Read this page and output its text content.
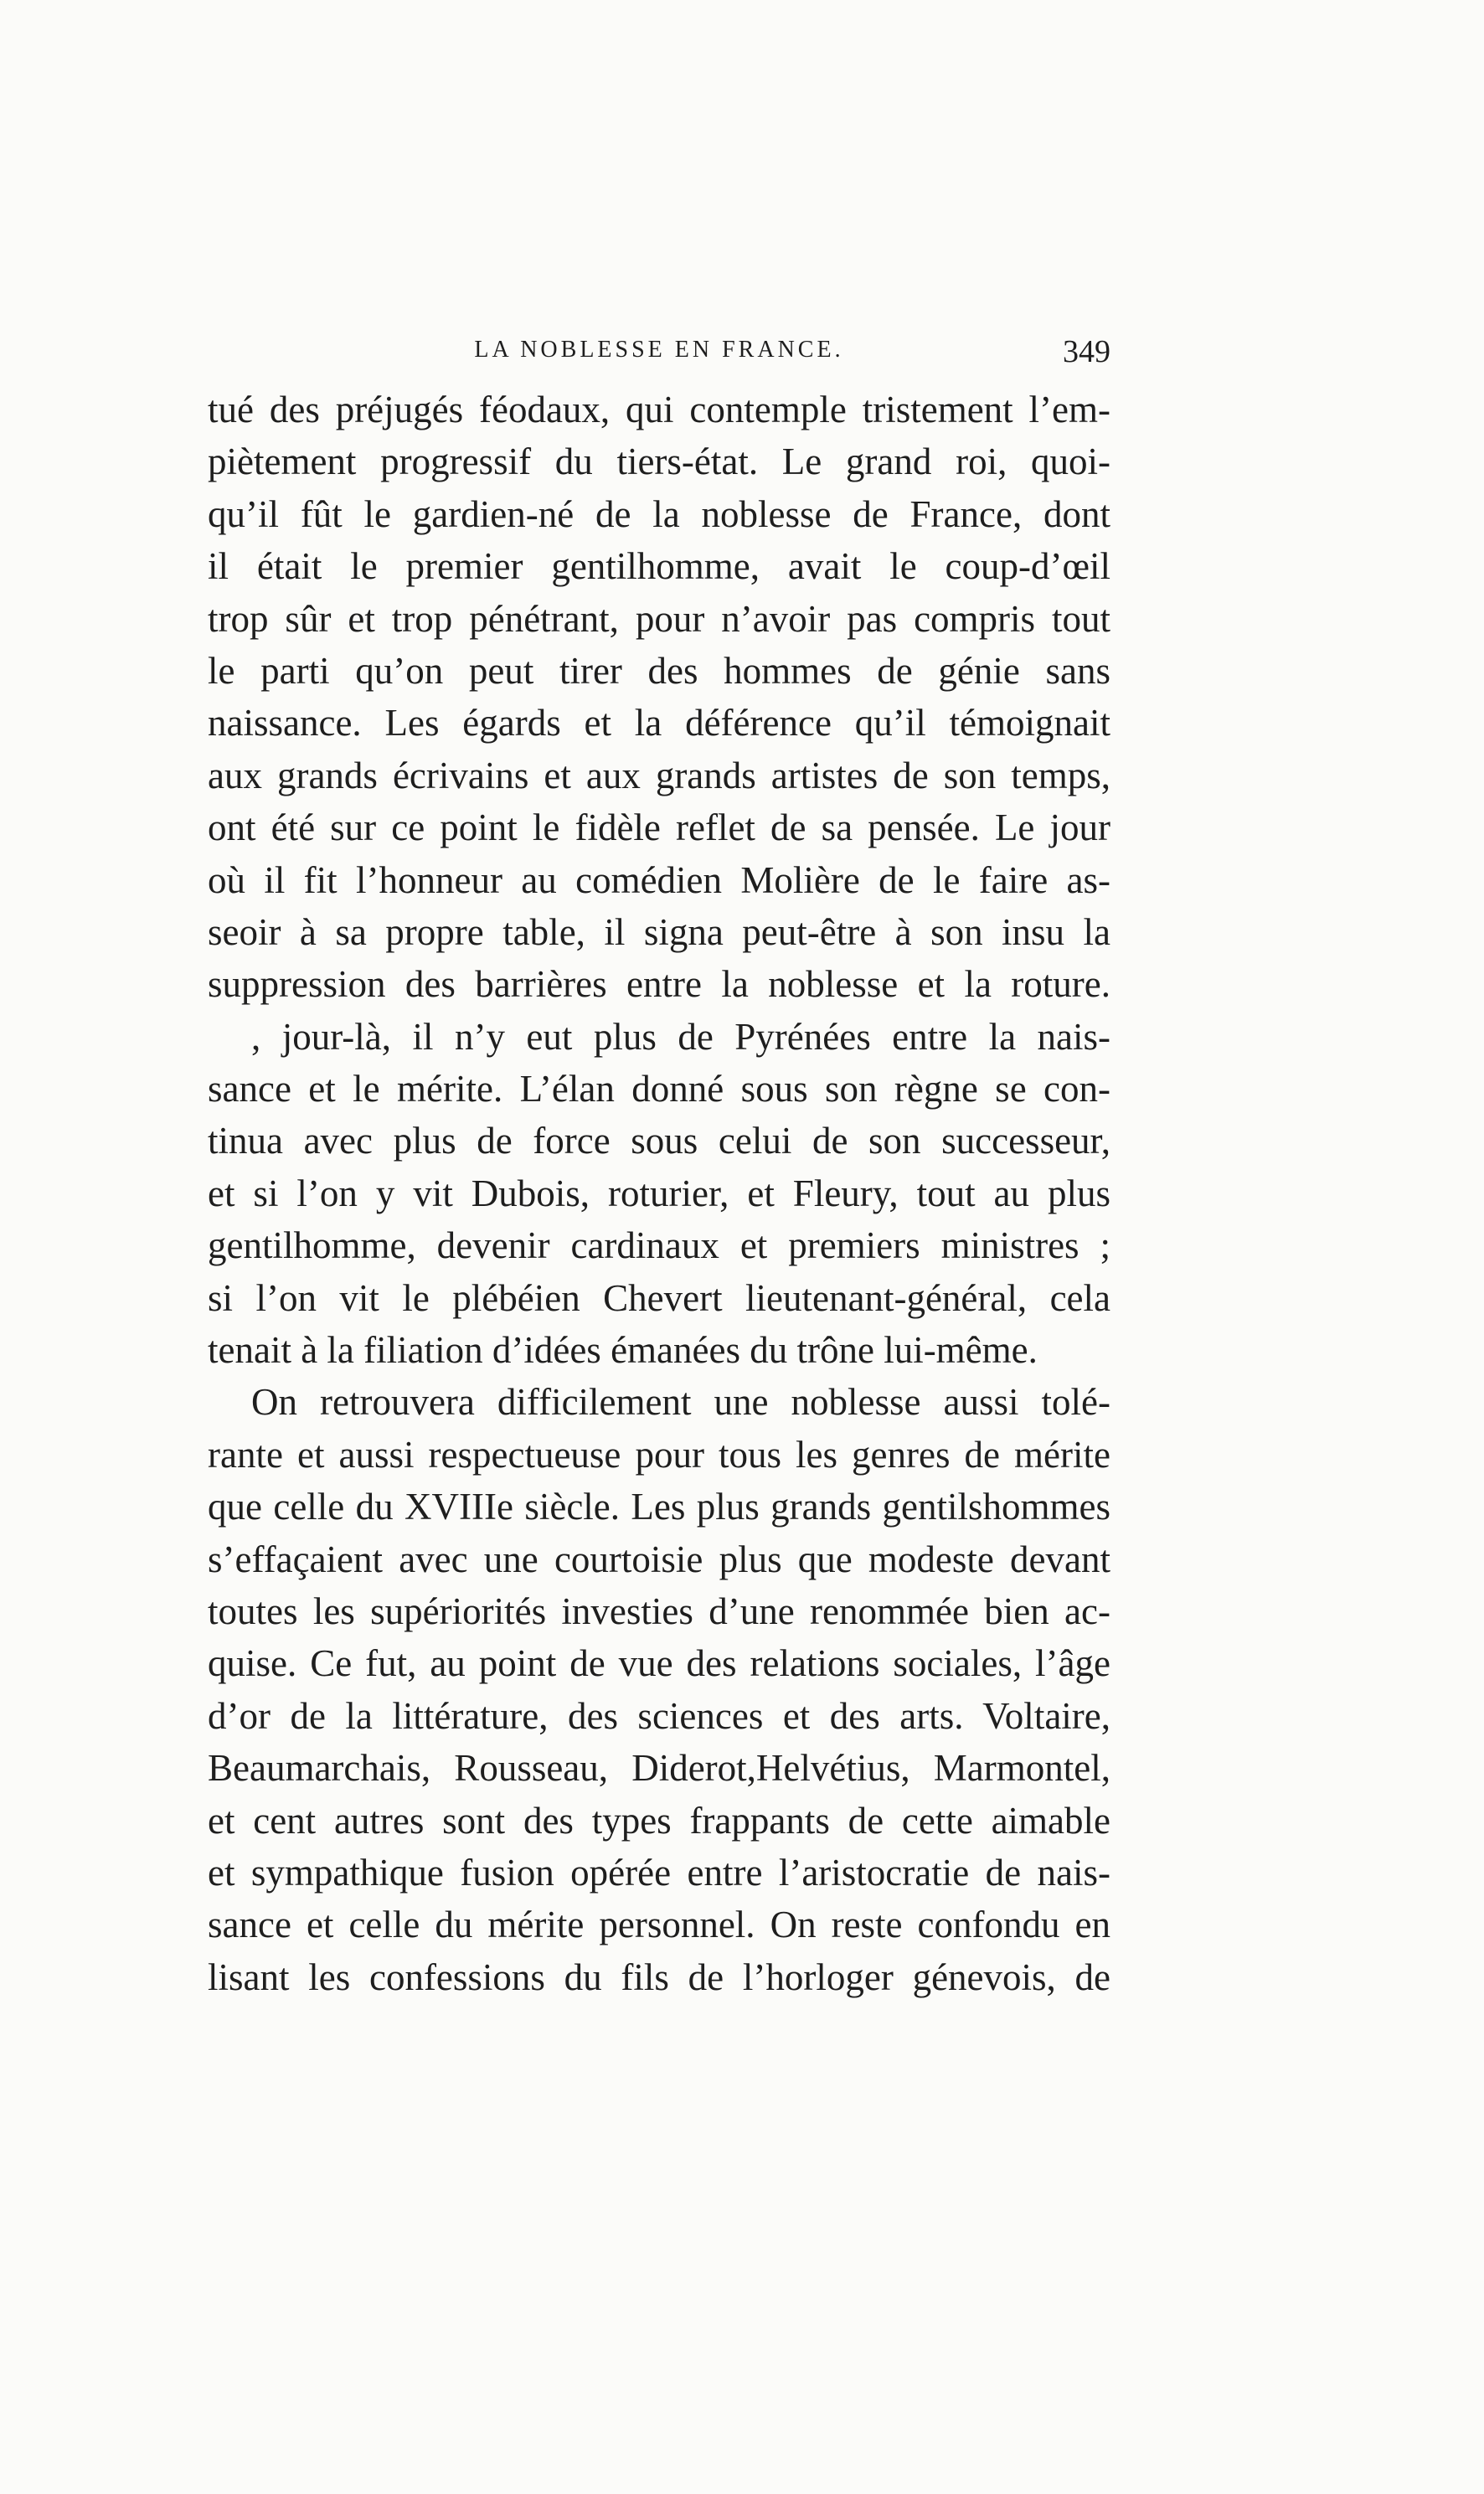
LA NOBLESSE EN FRANCE.	349
tué des préjugés féodaux, qui contemple tristement l’em-
piètement progressif du tiers-état. Le grand roi, quoi-
qu’il fût le gardien-né de la noblesse de France, dont
il était le premier gentilhomme, avait le coup-d’œil
trop sûr et trop pénétrant, pour n’avoir pas compris tout
le parti qu’on peut tirer des hommes de génie sans
naissance. Les égards et la déférence qu’il témoignait
aux grands écrivains et aux grands artistes de son temps,
ont été sur ce point le fidèle reflet de sa pensée. Le jour
où il fit l’honneur au comédien Molière de le faire as-
seoir à sa propre table, il signa peut-être à son insu la
suppression des barrières entre la noblesse et la roture.
, jour-là, il n’y eut plus de Pyrénées entre la nais-
sance et le mérite. L’élan donné sous son règne se con-
tinua avec plus de force sous celui de son successeur,
et si l’on y vit Dubois, roturier, et Fleury, tout au plus
gentilhomme, devenir cardinaux et premiers ministres ;
si l’on vit le plébéien Chevert lieutenant-général, cela
tenait à la filiation d’idées émanées du trône lui-même.
On retrouvera difficilement une noblesse aussi tolé-
rante et aussi respectueuse pour tous les genres de mérite
que celle du XVIIIe siècle. Les plus grands gentilshommes
s’effaçaient avec une courtoisie plus que modeste devant
toutes les supériorités investies d’une renommée bien ac-
quise. Ce fut, au point de vue des relations sociales, l’âge
d’or de la littérature, des sciences et des arts. Voltaire,
Beaumarchais, Rousseau, Diderot,Helvétius, Marmontel,
et cent autres sont des types frappants de cette aimable
et sympathique fusion opérée entre l’aristocratie de nais-
sance et celle du mérite personnel. On reste confondu en
lisant les confessions du fils de l’horloger génevois, de
